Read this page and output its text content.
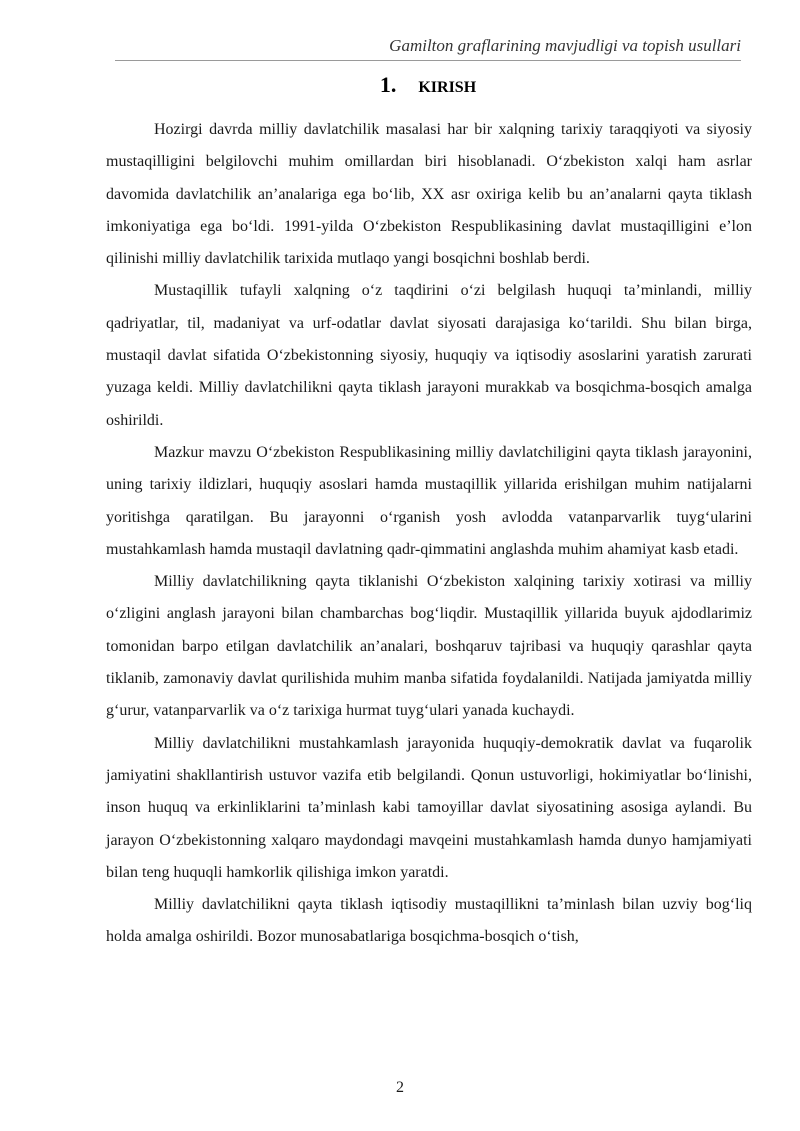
Gamilton graflarining mavjudligi va topish usullari
1. KIRISH

Hozirgi davrda milliy davlatchilik masalasi har bir xalqning tarixiy taraqqiyoti va siyosiy mustaqilligini belgilovchi muhim omillardan biri hisoblanadi. O‘zbekiston xalqi ham asrlar davomida davlatchilik an’analariga ega bo‘lib, XX asr oxiriga kelib bu an’analarni qayta tiklash imkoniyatiga ega bo‘ldi. 1991-yilda O‘zbekiston Respublikasining davlat mustaqilligini e’lon qilinishi milliy davlatchilik tarixida mutlaqo yangi bosqichni boshlab berdi.

Mustaqillik tufayli xalqning o‘z taqdirini o‘zi belgilash huquqi ta’minlandi, milliy qadriyatlar, til, madaniyat va urf-odatlar davlat siyosati darajasiga ko‘tarildi. Shu bilan birga, mustaqil davlat sifatida O‘zbekistonning siyosiy, huquqiy va iqtisodiy asoslarini yaratish zarurati yuzaga keldi. Milliy davlatchilikni qayta tiklash jarayoni murakkab va bosqichma-bosqich amalga oshirildi.

Mazkur mavzu O‘zbekiston Respublikasining milliy davlatchiligini qayta tiklash jarayonini, uning tarixiy ildizlari, huquqiy asoslari hamda mustaqillik yillarida erishilgan muhim natijalarni yoritishga qaratilgan. Bu jarayonni o‘rganish yosh avlodda vatanparvarlik tuyg‘ularini mustahkamlash hamda mustaqil davlatning qadr-qimmatini anglashda muhim ahamiyat kasb etadi.

Milliy davlatchilikning qayta tiklanishi O‘zbekiston xalqining tarixiy xotirasi va milliy o‘zligini anglash jarayoni bilan chambarchas bog‘liqdir. Mustaqillik yillarida buyuk ajdodlarimiz tomonidan barpo etilgan davlatchilik an’analari, boshqaruv tajribasi va huquqiy qarashlar qayta tiklanib, zamonaviy davlat qurilishida muhim manba sifatida foydalanildi. Natijada jamiyatda milliy g‘urur, vatanparvarlik va o‘z tarixiga hurmat tuyg‘ulari yanada kuchaydi.

Milliy davlatchilikni mustahkamlash jarayonida huquqiy-demokratik davlat va fuqarolik jamiyatini shakllantirish ustuvor vazifa etib belgilandi. Qonun ustuvorligi, hokimiyatlar bo‘linishi, inson huquq va erkinliklarini ta’minlash kabi tamoyillar davlat siyosatining asosiga aylandi. Bu jarayon O‘zbekistonning xalqaro maydondagi mavqeini mustahkamlash hamda dunyo hamjamiyati bilan teng huquqli hamkorlik qilishiga imkon yaratdi.

Milliy davlatchilikni qayta tiklash iqtisodiy mustaqillikni ta’minlash bilan uzviy bog‘liq holda amalga oshirildi. Bozor munosabatlariga bosqichma-bosqich o‘tish,

2
